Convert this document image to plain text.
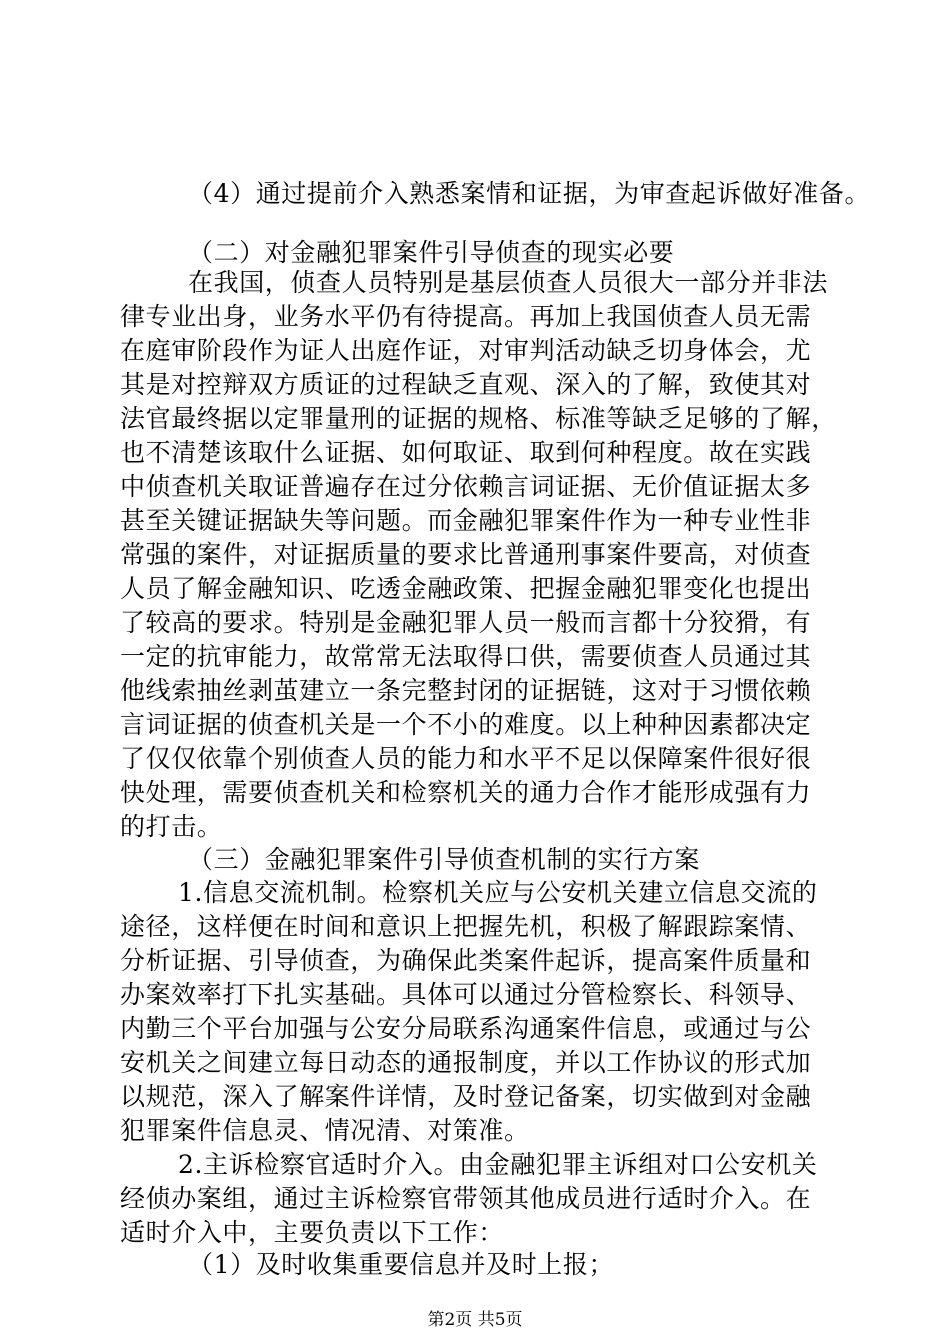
（4）通过提前介入熟悉案情和证据，为审查起诉做好准备。
（二）对金融犯罪案件引导侦查的现实必要
在我国，侦查人员特别是基层侦查人员很大一部分并非法
律专业出身，业务水平仍有待提高。再加上我国侦查人员无需
在庭审阶段作为证人出庭作证，对审判活动缺乏切身体会，尤
其是对控辩双方质证的过程缺乏直观、深入的了解，致使其对
法官最终据以定罪量刑的证据的规格、标准等缺乏足够的了解，
也不清楚该取什么证据、如何取证、取到何种程度。故在实践
中侦查机关取证普遍存在过分依赖言词证据、无价值证据太多
甚至关键证据缺失等问题。而金融犯罪案件作为一种专业性非
常强的案件，对证据质量的要求比普通刑事案件要高，对侦查
人员了解金融知识、吃透金融政策、把握金融犯罪变化也提出
了较高的要求。特别是金融犯罪人员一般而言都十分狡猾，有
一定的抗审能力，故常常无法取得口供，需要侦查人员通过其
他线索抽丝剥茧建立一条完整封闭的证据链，这对于习惯依赖
言词证据的侦查机关是一个不小的难度。以上种种因素都决定
了仅仅依靠个别侦查人员的能力和水平不足以保障案件很好很
快处理，需要侦查机关和检察机关的通力合作才能形成强有力
的打击。
（三）金融犯罪案件引导侦查机制的实行方案
1.信息交流机制。检察机关应与公安机关建立信息交流的
途径，这样便在时间和意识上把握先机，积极了解跟踪案情、
分析证据、引导侦查，为确保此类案件起诉，提高案件质量和
办案效率打下扎实基础。具体可以通过分管检察长、科领导、
内勤三个平台加强与公安分局联系沟通案件信息，或通过与公
安机关之间建立每日动态的通报制度，并以工作协议的形式加
以规范，深入了解案件详情，及时登记备案，切实做到对金融
犯罪案件信息灵、情况清、对策准。
2.主诉检察官适时介入。由金融犯罪主诉组对口公安机关
经侦办案组，通过主诉检察官带领其他成员进行适时介入。在
适时介入中，主要负责以下工作：
（1）及时收集重要信息并及时上报；
第2页 共5页
